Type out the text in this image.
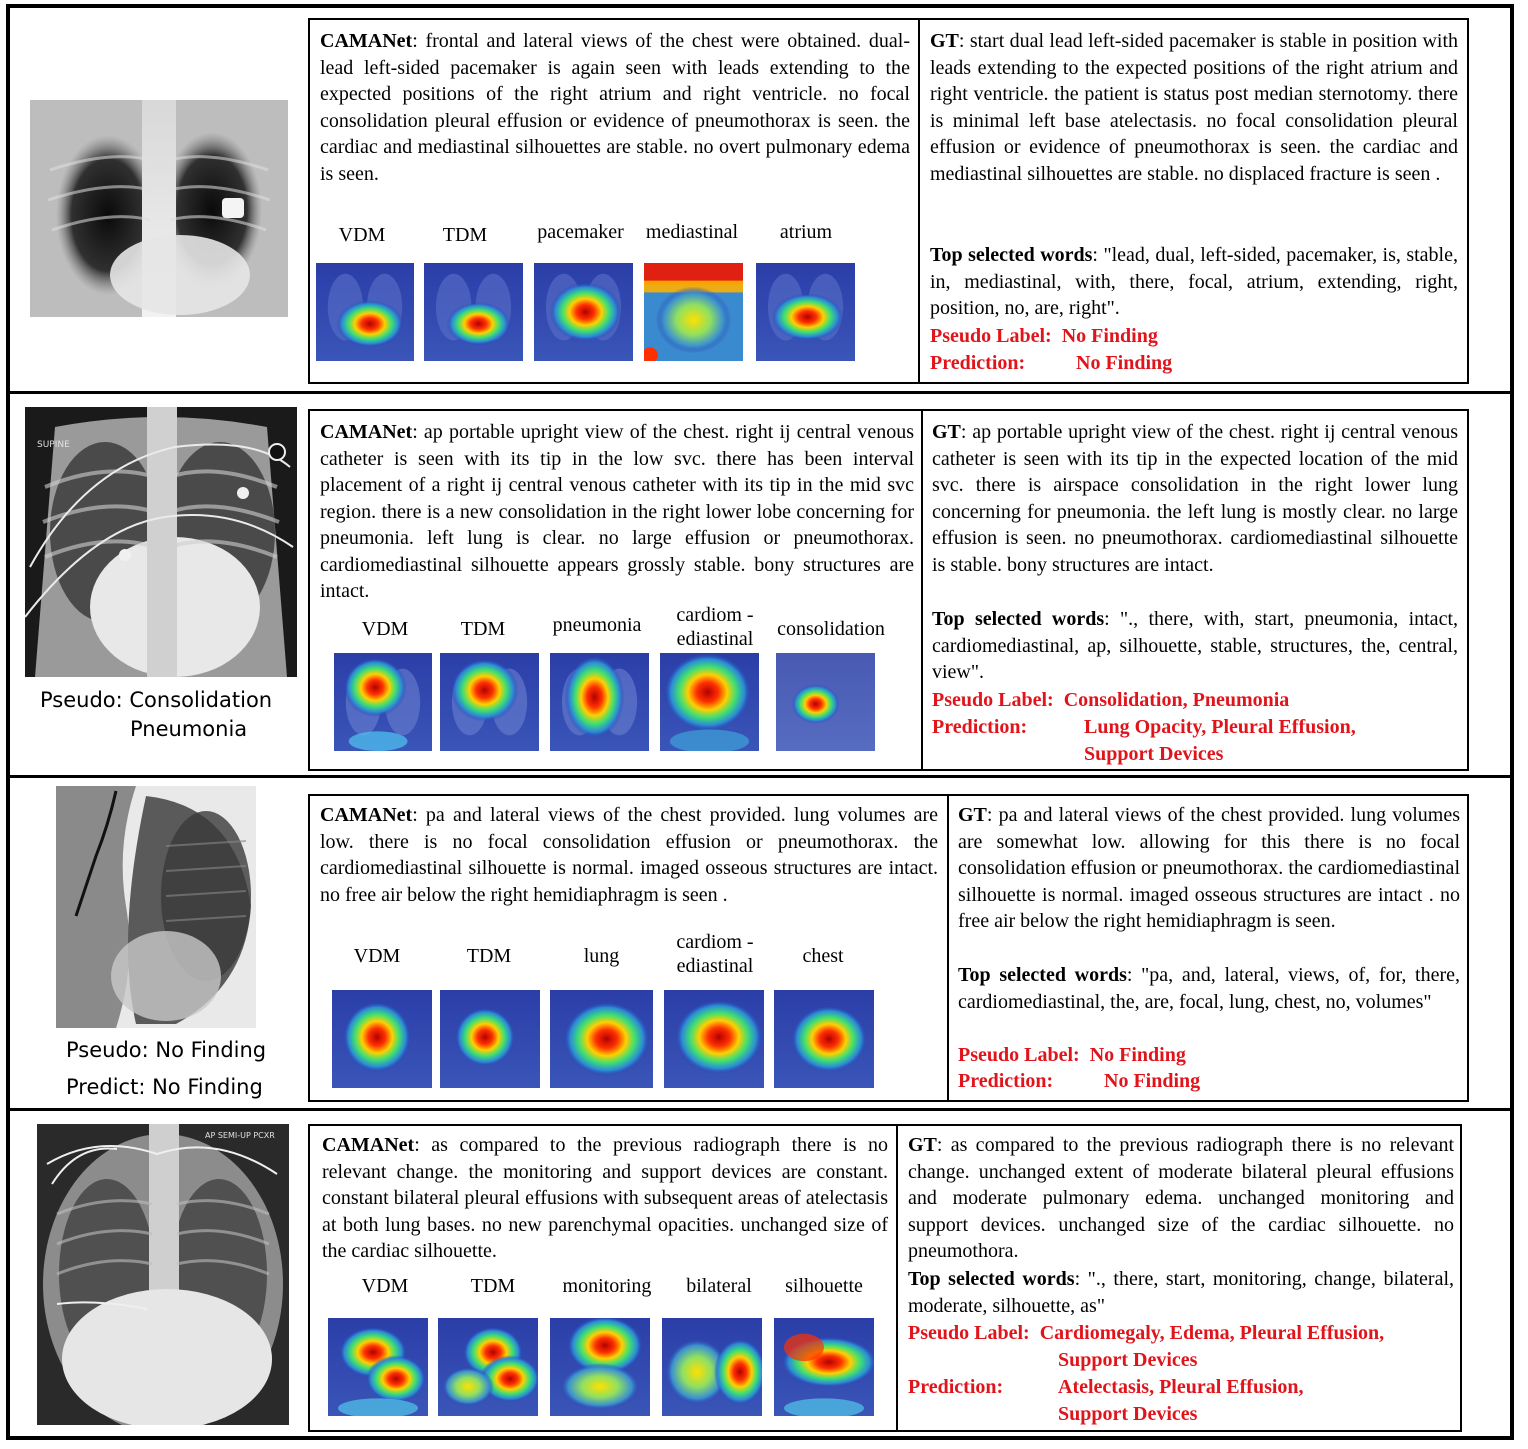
CAMANet: frontal and lateral views of the chest were obtained. dual-lead left-sided pacemaker is again seen with leads extending to the expected positions of the right atrium and right ventricle. no focal consolidation pleural effusion or evidence of pneumothorax is seen. the cardiac and mediastinal silhouettes are stable. no overt pulmonary edema is seen.

VDM	TDM	pacemaker	mediastinal	atrium

GT: start dual lead left-sided pacemaker is stable in position with leads extending to the expected positions of the right atrium and right ventricle. the patient is status post median sternotomy. there is minimal left base atelectasis. no focal consolidation pleural effusion or evidence of pneumothorax is seen. the cardiac and mediastinal silhouettes are stable. no displaced fracture is seen .

Top selected words: "lead, dual, left-sided, pacemaker, is, stable, in, mediastinal, with, there, focal, atrium, extending, right, position, no, are, right".

Pseudo Label: No Finding
Prediction:	No Finding
SUPINE
Pseudo: Consolidation
Pneumonia

CAMANet: ap portable upright view of the chest. right ij central venous catheter is seen with its tip in the low svc. there has been interval placement of a right ij central venous catheter with its tip in the mid svc region. there is a new consolidation in the right lower lobe concerning for pneumonia. left lung is clear. no large effusion or pneumothorax. cardiomediastinal silhouette appears grossly stable. bony structures are intact.

VDM	TDM	pneumonia	cardiom -ediastinal	consolidation

GT: ap portable upright view of the chest. right ij central venous catheter is seen with its tip in the expected location of the mid svc. there is airspace consolidation in the right lower lung concerning for pneumonia. the left lung is mostly clear. no large effusion is seen. no pneumothorax. cardiomediastinal silhouette is stable. bony structures are intact.

Top selected words: "., there, with, start, pneumonia, intact, cardiomediastinal, ap, silhouette, stable, structures, the, central, view".

Pseudo Label: Consolidation, Pneumonia
Prediction:	Lung Opacity, Pleural Effusion,
Support Devices
Pseudo: No Finding
Predict: No Finding

CAMANet: pa and lateral views of the chest provided. lung volumes are low. there is no focal consolidation effusion or pneumothorax. the cardiomediastinal silhouette is normal. imaged osseous structures are intact. no free air below the right hemidiaphragm is seen .

VDM	TDM	lung
cardiom -ediastinal	chest

GT: pa and lateral views of the chest provided. lung volumes are somewhat low. allowing for this there is no focal consolidation effusion or pneumothorax. the cardiomediastinal silhouette is normal. imaged osseous structures are intact . no free air below the right hemidiaphragm is seen.

Top selected words: "pa, and, lateral, views, of, for, there, cardiomediastinal, the, are, focal, lung, chest, no, volumes"

Pseudo Label: No Finding
Prediction:	No Finding
AP SEMI-UP PCXR CAMANet: as compared to the previous radiograph there is no relevant change. the monitoring and support devices are constant. constant bilateral pleural effusions with subsequent areas of atelectasis at both lung bases. no new parenchymal opacities. unchanged size of the cardiac silhouette.

VDM	TDM	monitoring	bilateral	silhouette

GT: as compared to the previous radiograph there is no relevant change. unchanged extent of moderate bilateral pleural effusions and moderate pulmonary edema. unchanged monitoring and support devices. unchanged size of the cardiac silhouette. no pneumothora.

Top selected words: "., there, start, monitoring, change, bilateral, moderate, silhouette, as"

Pseudo Label: Cardiomegaly, Edema, Pleural Effusion,
Support Devices
Prediction:	Atelectasis, Pleural Effusion,
Support Devices
